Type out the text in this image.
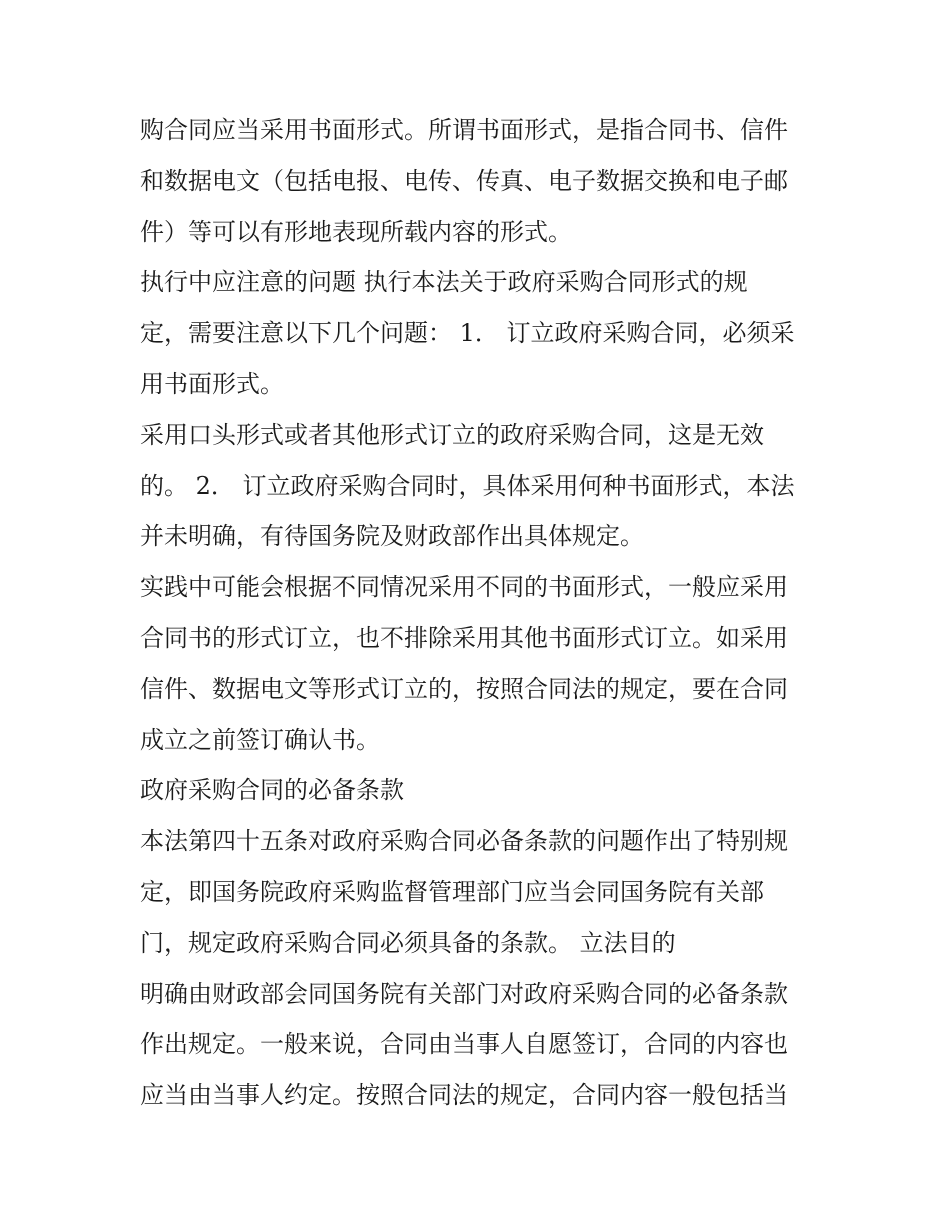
购合同应当采用书面形式。所谓书面形式，是指合同书、信件
和数据电文（包括电报、电传、传真、电子数据交换和电子邮
件）等可以有形地表现所载内容的形式。
执行中应注意的问题 执行本法关于政府采购合同形式的规
定，需要注意以下几个问题： 1． 订立政府采购合同，必须采
用书面形式。
采用口头形式或者其他形式订立的政府采购合同，这是无效
的。 2． 订立政府采购合同时，具体采用何种书面形式，本法
并未明确，有待国务院及财政部作出具体规定。
实践中可能会根据不同情况采用不同的书面形式，一般应采用
合同书的形式订立，也不排除采用其他书面形式订立。如采用
信件、数据电文等形式订立的，按照合同法的规定，要在合同
成立之前签订确认书。
政府采购合同的必备条款
本法第四十五条对政府采购合同必备条款的问题作出了特别规
定，即国务院政府采购监督管理部门应当会同国务院有关部
门，规定政府采购合同必须具备的条款。 立法目的
明确由财政部会同国务院有关部门对政府采购合同的必备条款
作出规定。一般来说，合同由当事人自愿签订，合同的内容也
应当由当事人约定。按照合同法的规定，合同内容一般包括当
